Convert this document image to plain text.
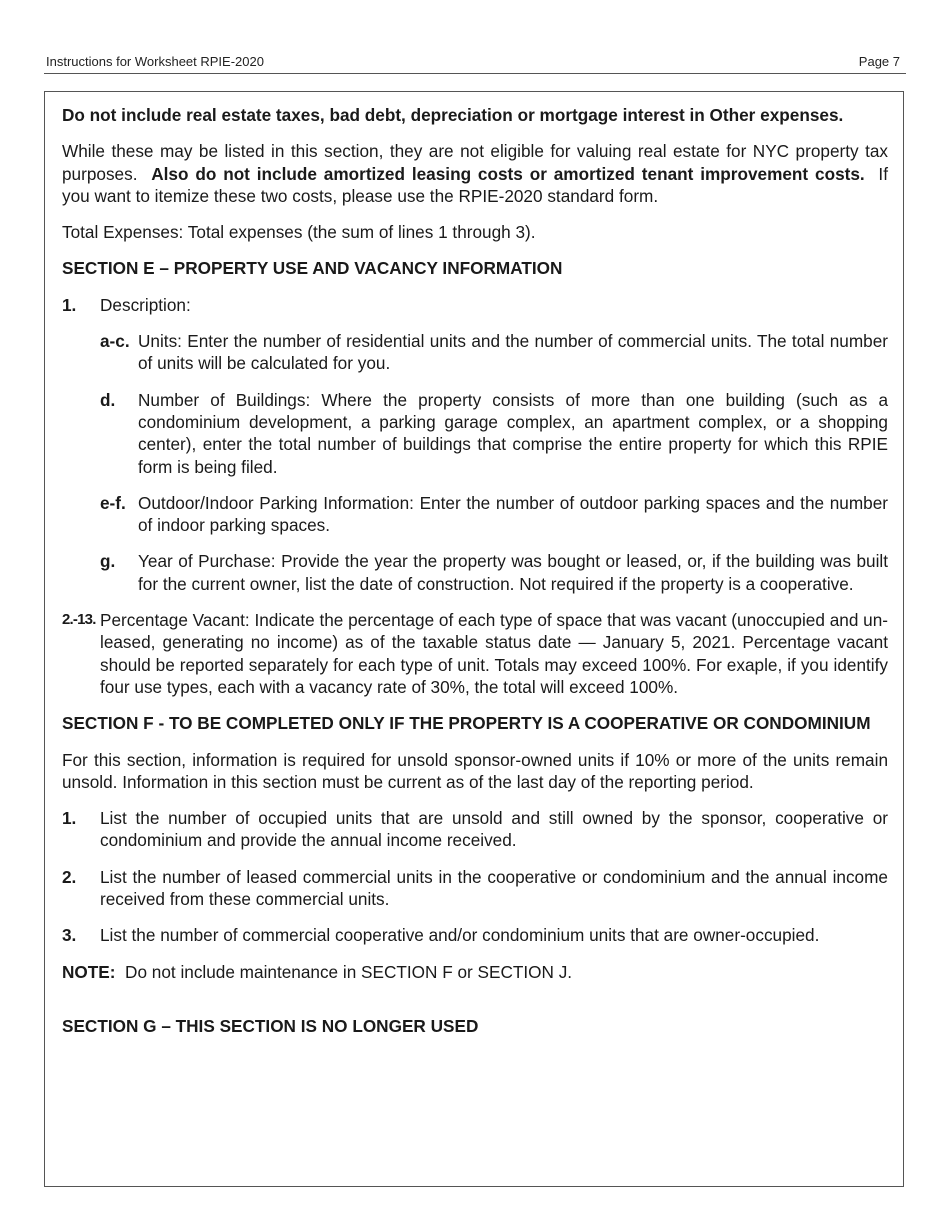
Instructions for Worksheet RPIE-2020	Page 7

Do not include real estate taxes, bad debt, depreciation or mortgage interest in Other expenses.

While these may be listed in this section, they are not eligible for valuing real estate for NYC property tax purposes. Also do not include amortized leasing costs or amortized tenant improvement costs. If you want to itemize these two costs, please use the RPIE-2020 standard form.

Total Expenses: Total expenses (the sum of lines 1 through 3).

SECTION E – PROPERTY USE AND VACANCY INFORMATION

1. Description:
a-c. Units: Enter the number of residential units and the number of commercial units. The total number of units will be calculated for you.
d. Number of Buildings: Where the property consists of more than one building (such as a condominium development, a parking garage complex, an apartment complex, or a shopping center), enter the total number of buildings that comprise the entire property for which this RPIE form is being filed.
e-f. Outdoor/Indoor Parking Information: Enter the number of outdoor parking spaces and the number of indoor parking spaces.
g. Year of Purchase: Provide the year the property was bought or leased, or, if the building was built for the current owner, list the date of construction. Not required if the property is a cooperative.
2.-13. Percentage Vacant: Indicate the percentage of each type of space that was vacant (unoccupied and un-leased, generating no income) as of the taxable status date — January 5, 2021. Percentage vacant should be reported separately for each type of unit. Totals may exceed 100%. For exaple, if you identify four use types, each with a vacancy rate of 30%, the total will exceed 100%.

SECTION F - TO BE COMPLETED ONLY IF THE PROPERTY IS A COOPERATIVE OR CONDOMINIUM

For this section, information is required for unsold sponsor-owned units if 10% or more of the units remain unsold. Information in this section must be current as of the last day of the reporting period.

1. List the number of occupied units that are unsold and still owned by the sponsor, cooperative or condominium and provide the annual income received.
2. List the number of leased commercial units in the cooperative or condominium and the annual income received from these commercial units.
3. List the number of commercial cooperative and/or condominium units that are owner-occupied.

NOTE: Do not include maintenance in SECTION F or SECTION J.

SECTION G – THIS SECTION IS NO LONGER USED
